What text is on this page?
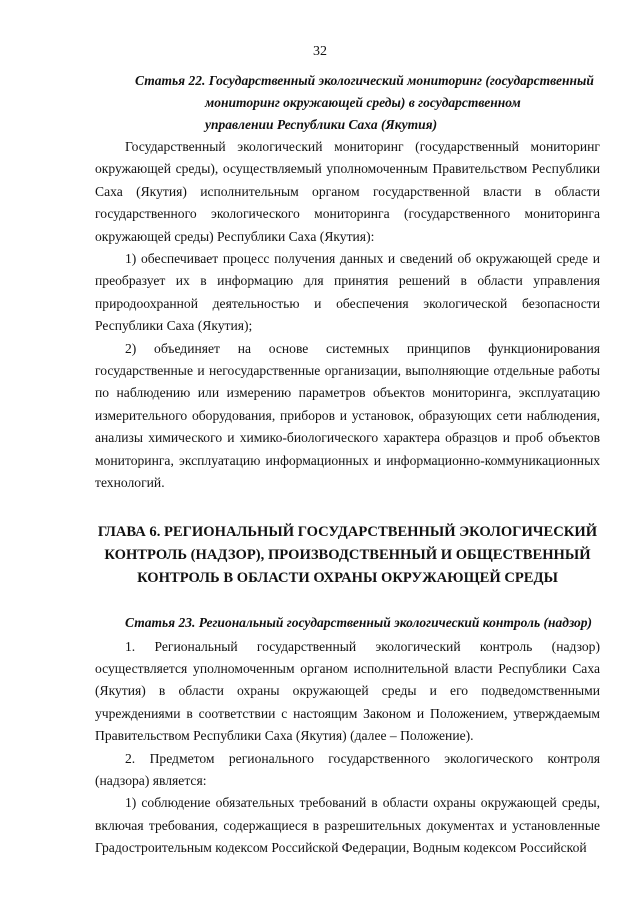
32
Статья 22. Государственный экологический мониторинг (государственный
мониторинг окружающей среды) в государственном
управлении Республики Саха (Якутия)

Государственный экологический мониторинг (государственный мониторинг окружающей среды), осуществляемый уполномоченным Правительством Республики Саха (Якутия) исполнительным органом государственной власти в области государственного экологического мониторинга (государственного мониторинга окружающей среды) Республики Саха (Якутия):

1) обеспечивает процесс получения данных и сведений об окружающей среде и преобразует их в информацию для принятия решений в области управления природоохранной деятельностью и обеспечения экологической безопасности Республики Саха (Якутия);

2) объединяет на основе системных принципов функционирования государственные и негосударственные организации, выполняющие отдельные работы по наблюдению или измерению параметров объектов мониторинга, эксплуатацию измерительного оборудования, приборов и установок, образующих сети наблюдения, анализы химического и химико-биологического характера образцов и проб объектов мониторинга, эксплуатацию информационных и информационно-коммуникационных технологий.

ГЛАВА 6. РЕГИОНАЛЬНЫЙ ГОСУДАРСТВЕННЫЙ ЭКОЛОГИЧЕСКИЙ
КОНТРОЛЬ (НАДЗОР), ПРОИЗВОДСТВЕННЫЙ И ОБЩЕСТВЕННЫЙ
КОНТРОЛЬ В ОБЛАСТИ ОХРАНЫ ОКРУЖАЮЩЕЙ СРЕДЫ
Статья 23. Региональный государственный экологический контроль (надзор)

1. Региональный государственный экологический контроль (надзор) осуществляется уполномоченным органом исполнительной власти Республики Саха (Якутия) в области охраны окружающей среды и его подведомственными учреждениями в соответствии с настоящим Законом и Положением, утверждаемым Правительством Республики Саха (Якутия) (далее – Положение).

2. Предметом регионального государственного экологического контроля (надзора) является:

1) соблюдение обязательных требований в области охраны окружающей среды, включая требования, содержащиеся в разрешительных документах и установленные Градостроительным кодексом Российской Федерации, Водным кодексом Российской
